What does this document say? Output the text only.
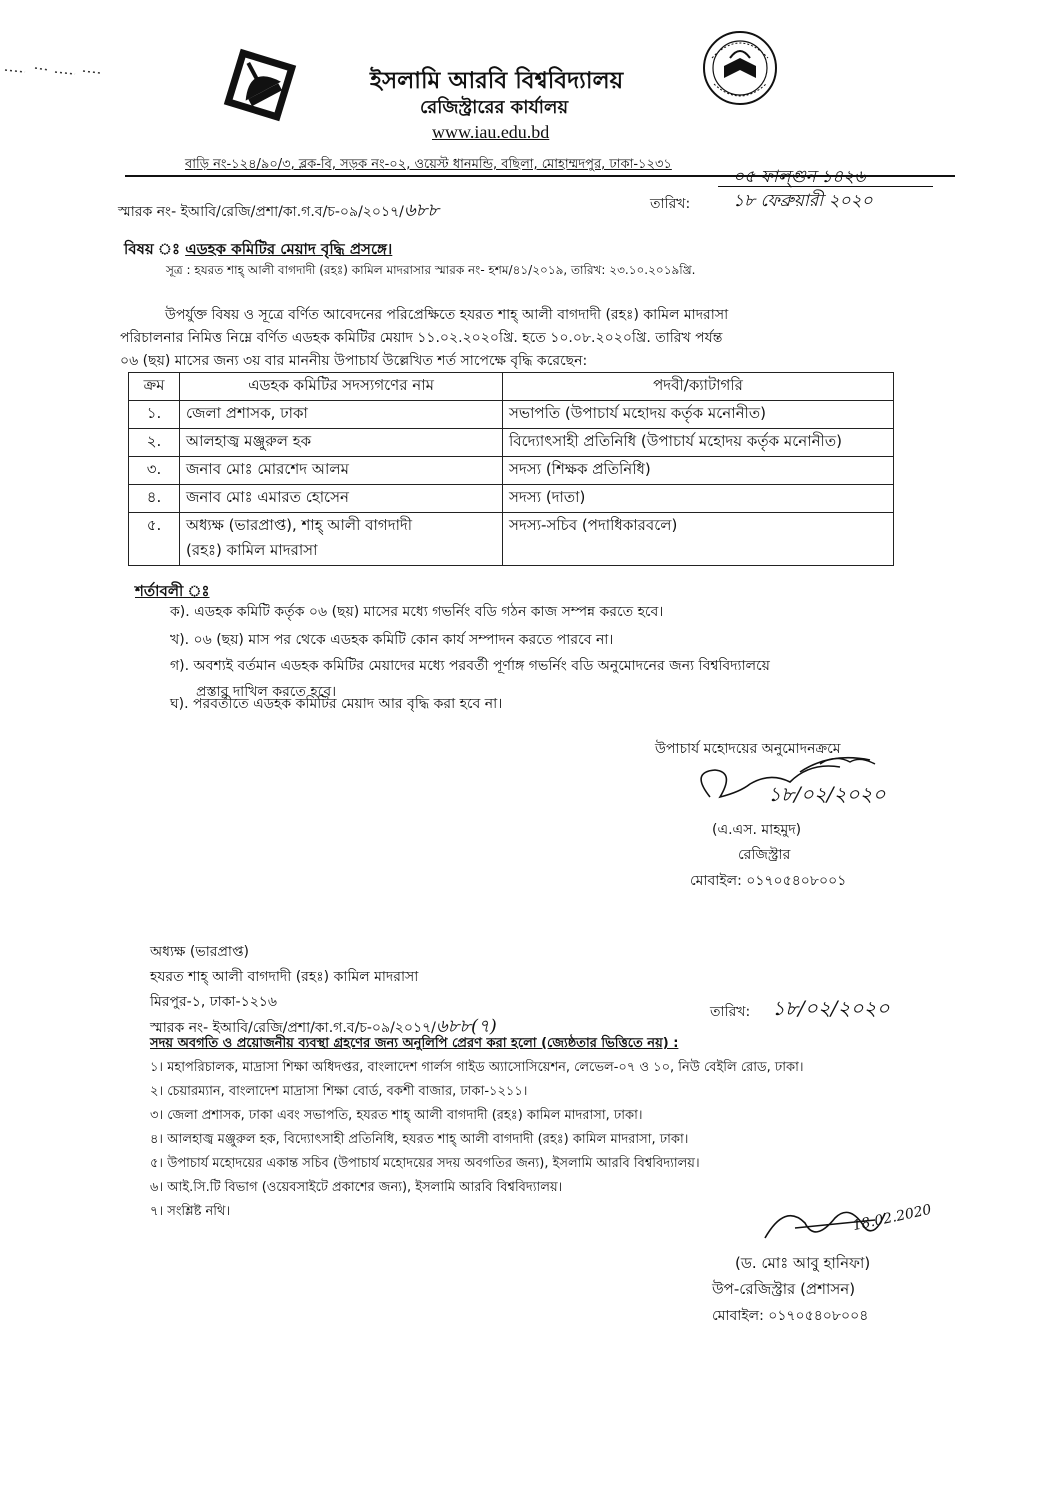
ইসলামি আরবি বিশ্ববিদ্যালয়
রেজিস্ট্রারের কার্যালয়
www.iau.edu.bd
বাড়ি নং-১২৪/৯০/৩, ব্লক-বি, সড়ক নং-০২, ওয়েস্ট ধানমন্ডি, বছিলা, মোহাম্মদপুর, ঢাকা-১২৩১
স্মারক নং- ইআবি/রেজি/প্রশা/কা.গ.ব/চ-০৯/২০১৭/৬৮৮	তারিখ:
০৫ ফাল্গুন ১৪২৬
১৮ ফেব্রুয়ারী ২০২০
বিষয় ঃ এডহক কমিটির মেয়াদ বৃদ্ধি প্রসঙ্গে।
সূত্র : হযরত শাহ্ আলী বাগদাদী (রহঃ) কামিল মাদরাসার স্মারক নং- হশম/৪১/২০১৯, তারিখ: ২৩.১০.২০১৯খ্রি.
উপর্যুক্ত বিষয় ও সূত্রে বর্ণিত আবেদনের পরিপ্রেক্ষিতে হযরত শাহ্ আলী বাগদাদী (রহঃ) কামিল মাদরাসা
পরিচালনার নিমিত্ত নিম্নে বর্ণিত এডহক কমিটির মেয়াদ ১১.০২.২০২০খ্রি. হতে ১০.০৮.২০২০খ্রি. তারিখ পর্যন্ত
০৬ (ছয়) মাসের জন্য ৩য় বার মাননীয় উপাচার্য উল্লেখিত শর্ত সাপেক্ষে বৃদ্ধি করেছেন:
ক্রম	এডহক কমিটির সদস্যগণের নাম	পদবী/ক্যাটাগরি
১.	জেলা প্রশাসক, ঢাকা	সভাপতি (উপাচার্য মহোদয় কর্তৃক মনোনীত)
২.	আলহাজ্ব মঞ্জুরুল হক	বিদ্যোৎসাহী প্রতিনিধি (উপাচার্য মহোদয় কর্তৃক মনোনীত)
৩.	জনাব মোঃ মোরশেদ আলম	সদস্য (শিক্ষক প্রতিনিধি)
৪.	জনাব মোঃ এমারত হোসেন	সদস্য (দাতা)
৫.	অধ্যক্ষ (ভারপ্রাপ্ত), শাহ্ আলী বাগদাদী
(রহঃ) কামিল মাদরাসা	সদস্য-সচিব (পদাধিকারবলে)
শর্তাবলী ঃ
ক). এডহক কমিটি কর্তৃক ০৬ (ছয়) মাসের মধ্যে গভর্নিং বডি গঠন কাজ সম্পন্ন করতে হবে।
খ). ০৬ (ছয়) মাস পর থেকে এডহক কমিটি কোন কার্য সম্পাদন করতে পারবে না।
গ). অবশ্যই বর্তমান এডহক কমিটির মেয়াদের মধ্যে পরবর্তী পূর্ণাঙ্গ গভর্নিং বডি অনুমোদনের জন্য বিশ্ববিদ্যালয়ে
প্রস্তাব দাখিল করতে হবে।
ঘ). পরবর্তীতে এডহক কমিটির মেয়াদ আর বৃদ্ধি করা হবে না।
উপাচার্য মহোদয়ের অনুমোদনক্রমে
১৮/০২/২০২০
(এ.এস. মাহমুদ)
রেজিস্ট্রার
মোবাইল: ০১৭০৫৪০৮০০১
অধ্যক্ষ (ভারপ্রাপ্ত)
হযরত শাহ্ আলী বাগদাদী (রহঃ) কামিল মাদরাসা
মিরপুর-১, ঢাকা-১২১৬
স্মারক নং- ইআবি/রেজি/প্রশা/কা.গ.ব/চ-০৯/২০১৭/৬৮৮(৭)
তারিখ: ১৮/০২/২০২০
সদয় অবগতি ও প্রয়োজনীয় ব্যবস্থা গ্রহণের জন্য অনুলিপি প্রেরণ করা হলো (জ্যেষ্ঠতার ভিত্তিতে নয়) :
১। মহাপরিচালক, মাদ্রাসা শিক্ষা অধিদপ্তর, বাংলাদেশ গার্লস গাইড অ্যাসোসিয়েশন, লেভেল-০৭ ও ১০, নিউ বেইলি রোড, ঢাকা।
২। চেয়ারম্যান, বাংলাদেশ মাদ্রাসা শিক্ষা বোর্ড, বকশী বাজার, ঢাকা-১২১১।
৩। জেলা প্রশাসক, ঢাকা এবং সভাপতি, হযরত শাহ্ আলী বাগদাদী (রহঃ) কামিল মাদরাসা, ঢাকা।
৪। আলহাজ্ব মঞ্জুরুল হক, বিদ্যোৎসাহী প্রতিনিধি, হযরত শাহ্ আলী বাগদাদী (রহঃ) কামিল মাদরাসা, ঢাকা।
৫। উপাচার্য মহোদয়ের একান্ত সচিব (উপাচার্য মহোদয়ের সদয় অবগতির জন্য), ইসলামি আরবি বিশ্ববিদ্যালয়।
৬। আই.সি.টি বিভাগ (ওয়েবসাইটে প্রকাশের জন্য), ইসলামি আরবি বিশ্ববিদ্যালয়।
৭। সংশ্লিষ্ট নথি।	18.02.2020
(ড. মোঃ আবু হানিফা)
উপ-রেজিস্ট্রার (প্রশাসন)
মোবাইল: ০১৭০৫৪০৮০০৪
